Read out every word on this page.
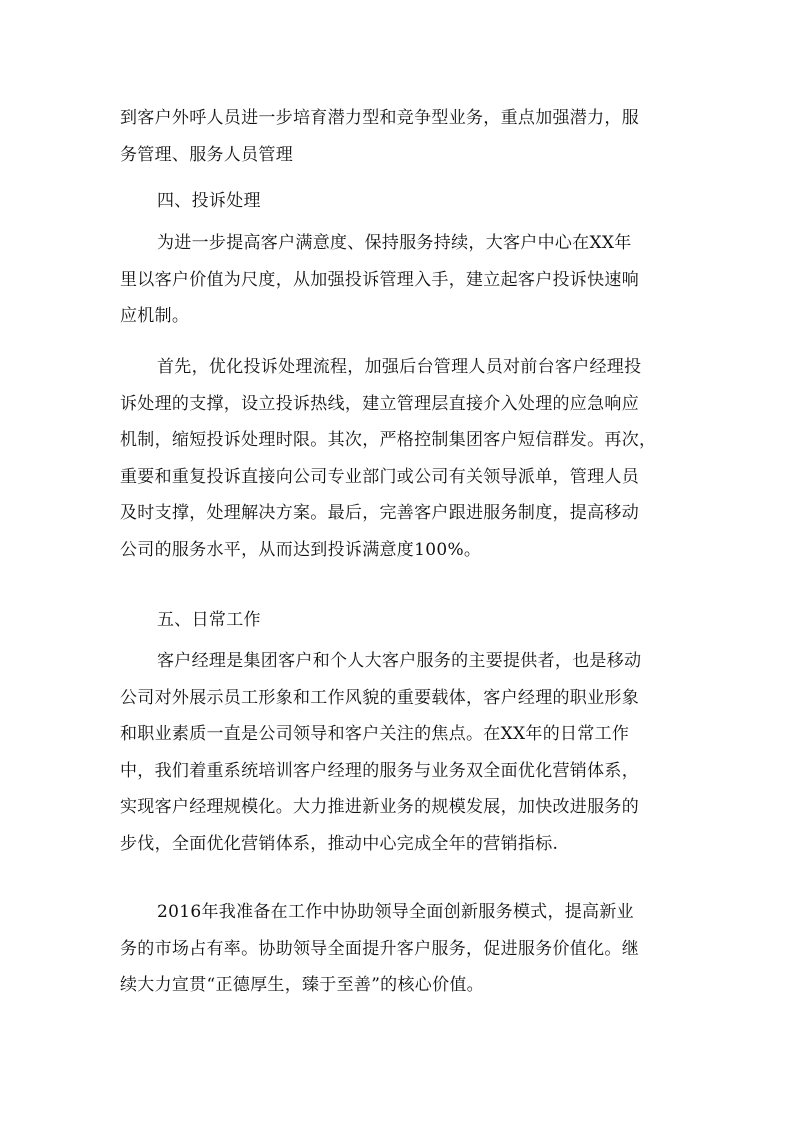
到客户外呼人员进一步培育潜力型和竞争型业务，重点加强潜力，服
务管理、服务人员管理

四、投诉处理

为进一步提高客户满意度、保持服务持续，大客户中心在XX年
里以客户价值为尺度，从加强投诉管理入手，建立起客户投诉快速响
应机制。

首先，优化投诉处理流程，加强后台管理人员对前台客户经理投
诉处理的支撑，设立投诉热线，建立管理层直接介入处理的应急响应
机制，缩短投诉处理时限。其次，严格控制集团客户短信群发。再次，
重要和重复投诉直接向公司专业部门或公司有关领导派单，管理人员
及时支撑，处理解决方案。最后，完善客户跟进服务制度，提高移动
公司的服务水平，从而达到投诉满意度100%。

五、日常工作

客户经理是集团客户和个人大客户服务的主要提供者，也是移动
公司对外展示员工形象和工作风貌的重要载体，客户经理的职业形象
和职业素质一直是公司领导和客户关注的焦点。在XX年的日常工作
中，我们着重系统培训客户经理的服务与业务双全面优化营销体系，
实现客户经理规模化。大力推进新业务的规模发展，加快改进服务的
步伐，全面优化营销体系，推动中心完成全年的营销指标.

2016年我准备在工作中协助领导全面创新服务模式，提高新业
务的市场占有率。协助领导全面提升客户服务，促进服务价值化。继
续大力宣贯“正德厚生，臻于至善”的核心价值。
